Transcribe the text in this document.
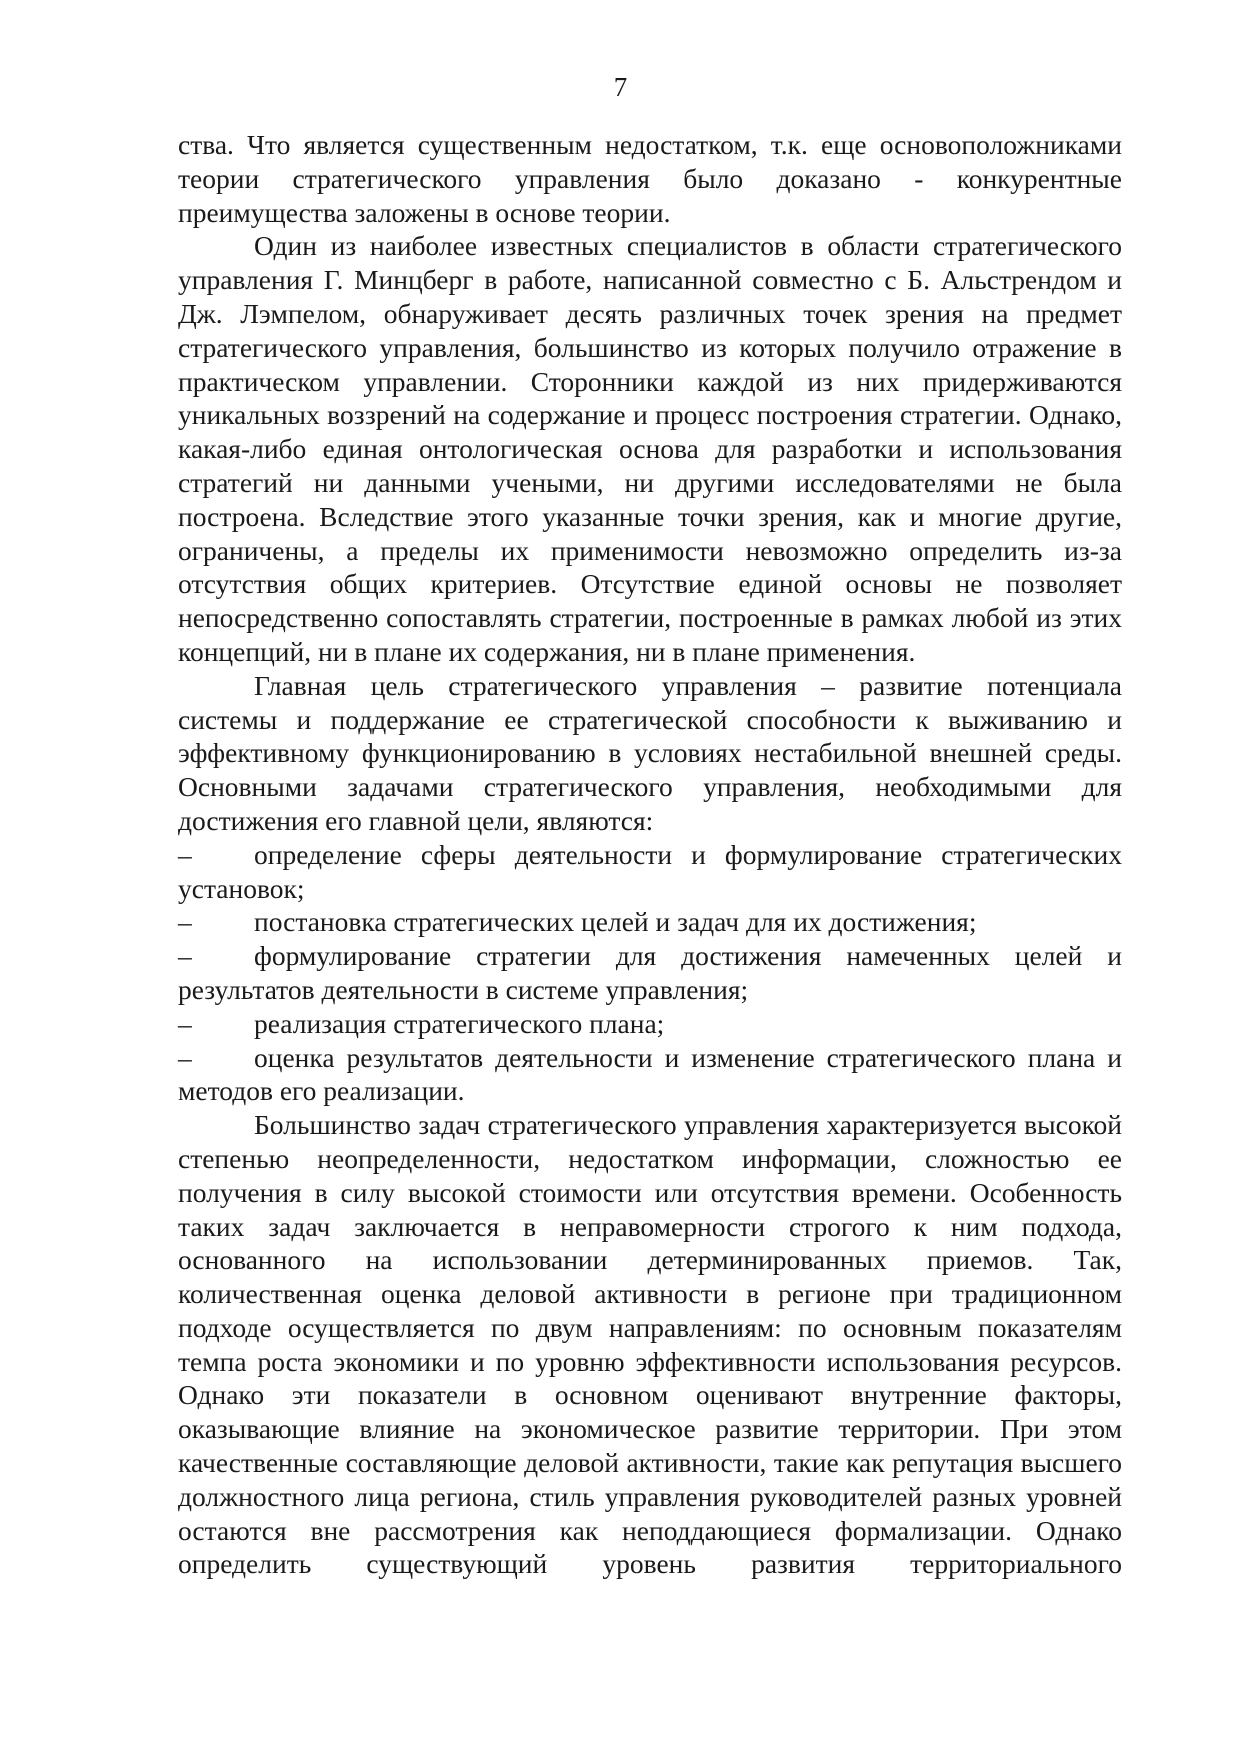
7

ства. Что является существенным недостатком, т.к. еще основоположниками теории стратегического управления было доказано - конкурентные преимущества заложены в основе теории.

Один из наиболее известных специалистов в области стратегического управления Г. Минцберг в работе, написанной совместно с Б. Альстрендом и Дж. Лэмпелом, обнаруживает десять различных точек зрения на предмет стратегического управления, большинство из которых получило отражение в практическом управлении. Сторонники каждой из них придерживаются уникальных воззрений на содержание и процесс построения стратегии. Однако, какая-либо единая онтологическая основа для разработки и использования стратегий ни данными учеными, ни другими исследователями не была построена. Вследствие этого указанные точки зрения, как и многие другие, ограничены, а пределы их применимости невозможно определить из-за отсутствия общих критериев. Отсутствие единой основы не позволяет непосредственно сопоставлять стратегии, построенные в рамках любой из этих концепций, ни в плане их содержания, ни в плане применения.

Главная цель стратегического управления – развитие потенциала системы и поддержание ее стратегической способности к выживанию и эффективному функционированию в условиях нестабильной внешней среды. Основными задачами стратегического управления, необходимыми для достижения его главной цели, являются:

–	определение сферы деятельности и формулирование стратегических установок;
–	постановка стратегических целей и задач для их достижения;
–	формулирование стратегии для достижения намеченных целей и результатов деятельности в системе управления;
–	реализация стратегического плана;
–	оценка результатов деятельности и изменение стратегического плана и методов его реализации.

Большинство задач стратегического управления характеризуется высокой степенью неопределенности, недостатком информации, сложностью ее получения в силу высокой стоимости или отсутствия времени. Особенность таких задач заключается в неправомерности строгого к ним подхода, основанного на использовании детерминированных приемов. Так, количественная оценка деловой активности в регионе при традиционном подходе осуществляется по двум направлениям: по основным показателям темпа роста экономики и по уровню эффективности использования ресурсов. Однако эти показатели в основном оценивают внутренние факторы, оказывающие влияние на экономическое развитие территории. При этом качественные составляющие деловой активности, такие как репутация высшего должностного лица региона, стиль управления руководителей разных уровней остаются вне рассмотрения как неподдающиеся формализации. Однако определить существующий уровень развития территориального
